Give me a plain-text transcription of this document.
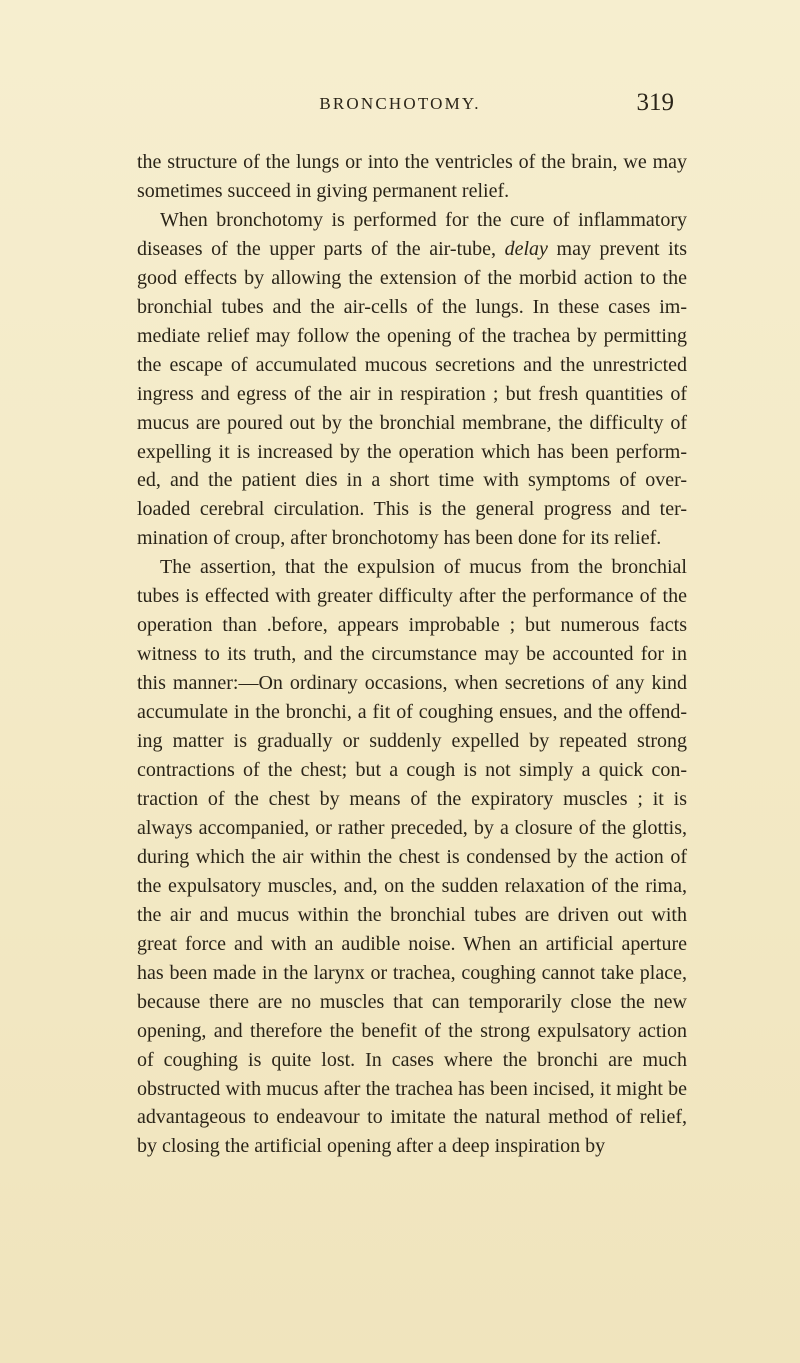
BRONCHOTOMY.	319

the structure of the lungs or into the ventricles of the brain, we may sometimes succeed in giving permanent relief.

When bronchotomy is performed for the cure of inflammatory diseases of the upper parts of the air-tube, delay may prevent its good effects by allowing the extension of the morbid action to the bronchial tubes and the air-cells of the lungs. In these cases im-mediate relief may follow the opening of the trachea by permitting the escape of accumulated mucous secretions and the unrestricted ingress and egress of the air in respiration ; but fresh quantities of mucus are poured out by the bronchial membrane, the difficulty of expelling it is increased by the operation which has been perform-ed, and the patient dies in a short time with symptoms of over-loaded cerebral circulation. This is the general progress and ter-mination of croup, after bronchotomy has been done for its relief.

The assertion, that the expulsion of mucus from the bronchial tubes is effected with greater difficulty after the performance of the operation than .before, appears improbable ; but numerous facts witness to its truth, and the circumstance may be accounted for in this manner:—On ordinary occasions, when secretions of any kind accumulate in the bronchi, a fit of coughing ensues, and the offend-ing matter is gradually or suddenly expelled by repeated strong contractions of the chest; but a cough is not simply a quick con-traction of the chest by means of the expiratory muscles ; it is always accompanied, or rather preceded, by a closure of the glottis, during which the air within the chest is condensed by the action of the expulsatory muscles, and, on the sudden relaxation of the rima, the air and mucus within the bronchial tubes are driven out with great force and with an audible noise. When an artificial aperture has been made in the larynx or trachea, coughing cannot take place, because there are no muscles that can temporarily close the new opening, and therefore the benefit of the strong expulsatory action of coughing is quite lost. In cases where the bronchi are much obstructed with mucus after the trachea has been incised, it might be advantageous to endeavour to imitate the natural method of relief, by closing the artificial opening after a deep inspiration by
